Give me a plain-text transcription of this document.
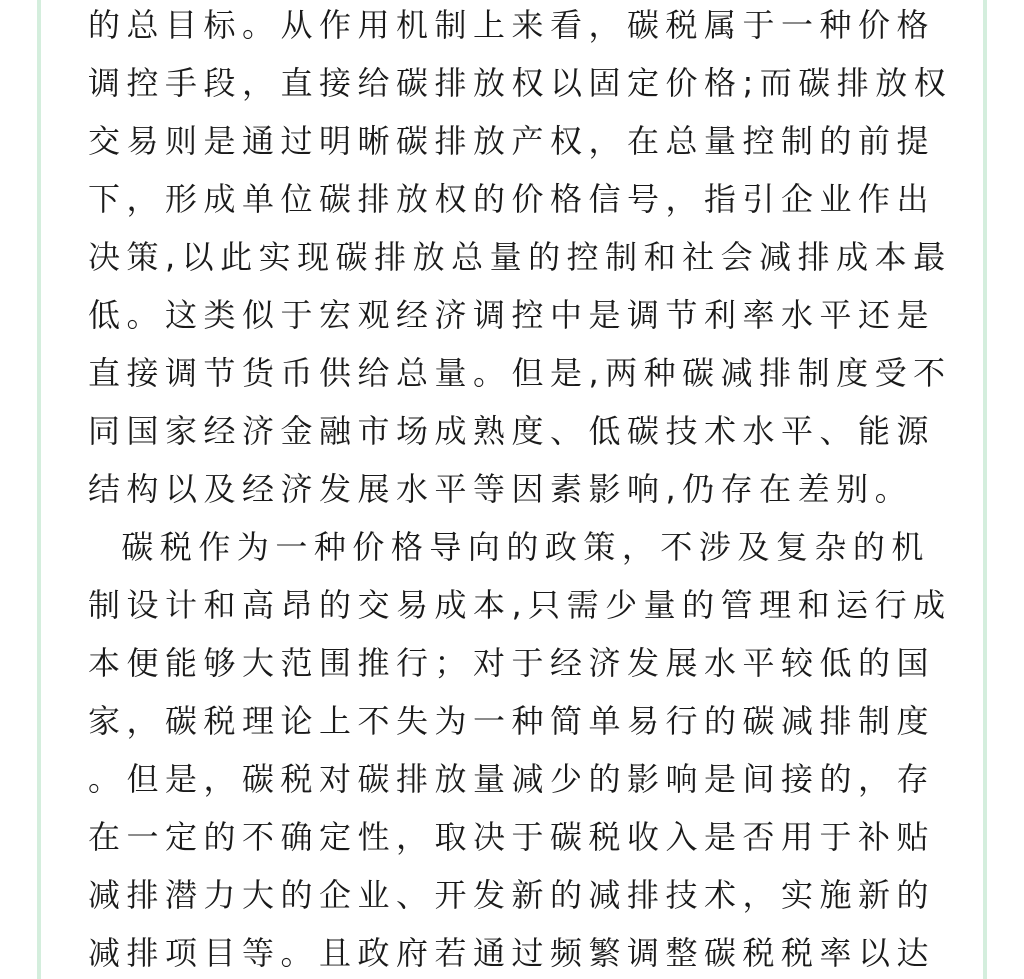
的总目标。从作用机制上来看，碳税属于一种价格
调控手段，直接给碳排放权以固定价格;而碳排放权
交易则是通过明晰碳排放产权，在总量控制的前提
下，形成单位碳排放权的价格信号，指引企业作出
决策,以此实现碳排放总量的控制和社会减排成本最
低。这类似于宏观经济调控中是调节利率水平还是
直接调节货币供给总量。但是,两种碳减排制度受不
同国家经济金融市场成熟度、低碳技术水平、能源
结构以及经济发展水平等因素影响,仍存在差别。
碳税作为一种价格导向的政策，不涉及复杂的机
制设计和高昂的交易成本,只需少量的管理和运行成
本便能够大范围推行；对于经济发展水平较低的国
家，碳税理论上不失为一种简单易行的碳减排制度
。但是，碳税对碳排放量减少的影响是间接的，存
在一定的不确定性，取决于碳税收入是否用于补贴
减排潜力大的企业、开发新的减排技术，实施新的
减排项目等。且政府若通过频繁调整碳税税率以达
